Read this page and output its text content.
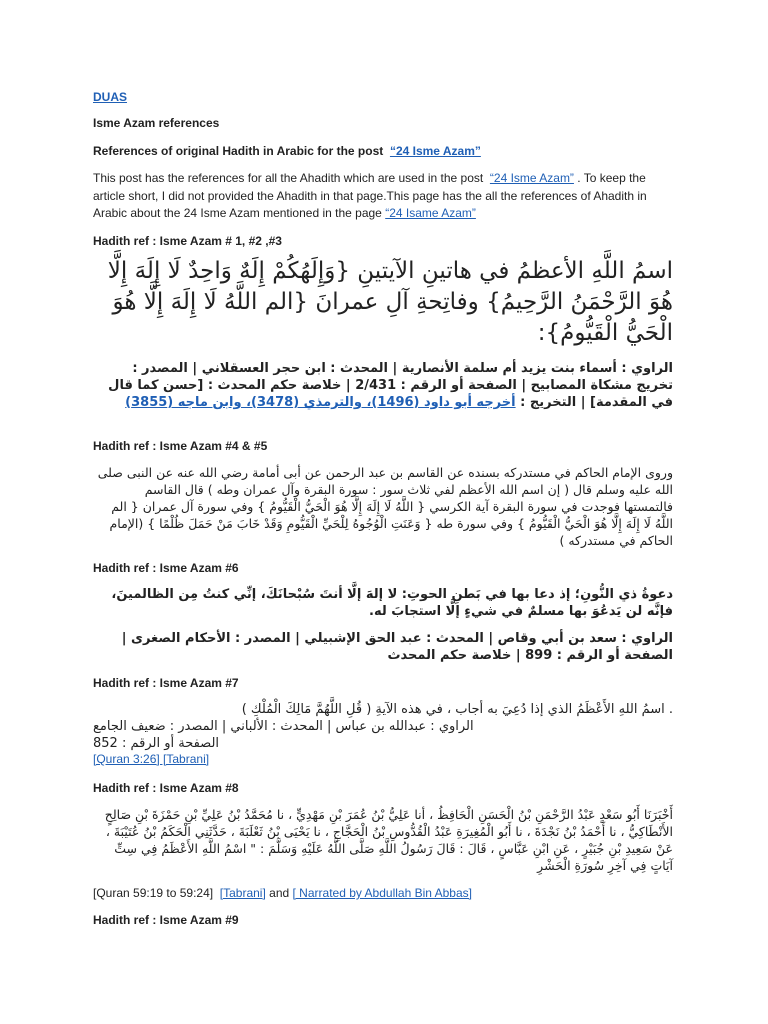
DUAS
Isme Azam references
References of original Hadith in Arabic for the post “24 Isme Azam”
This post has the references for all the Ahadith which are used in the post “24 Isme Azam” . To keep the article short, I did not provided the Ahadith in that page.This page has the all the references of Ahadith in Arabic about the 24 Isme Azam mentioned in the page “24 Isame Azam”
Hadith ref : Isme Azam # 1, #2 ,#3
اسمُ اللَّهِ الأعظمُ في هاتينِ الآيتينِ {وَإِلَهُكُمْ إِلَهٌ وَاحِدٌ لَا إِلَهَ إِلَّا هُوَ الرَّحْمَنُ الرَّحِيمُ} وفاتِحةِ آلِ عمرانَ {الم اللَّهُ لَا إِلَهَ إِلَّا هُوَ الْحَيُّ الْقَيُّومُ}:
الراوي : أسماء بنت يزيد أم سلمة الأنصارية | المحدث : ابن حجر العسقلاني | المصدر : تخريج مشكاة المصابيح | الصفحة أو الرقم : 2/431 | خلاصة حكم المحدث : [حسن كما قال في المقدمة] | التخريج : أخرجه أبو داود (1496)، والترمذي (3478)، وابن ماجه (3855)
Hadith ref : Isme Azam #4 & #5
وروى الإمام الحاكم في مستدركه بسنده عن القاسم بن عبد الرحمن عن أبى أمامة رضي الله عنه عن النبى صلى الله عليه وسلم قال ( إن اسم الله الأعظم لفي ثلاث سور : سورة البقرة وآل عمران وطه ) قال القاسم فالتمستها فوجدت في سورة البقرة آية الكرسي { اللَّهُ لَا إِلَهَ إِلَّا هُوَ الْحَيُّ الْقَيُّومُ } وفي سورة آل عمران { الم اللَّهُ لَا إِلَهَ إِلَّا هُوَ الْحَيُّ الْقَيُّومُ } وفي سورة طه { وَعَنَتِ الْوُجُوهُ لِلْحَيِّ الْقَيُّومِ وَقَدْ خَابَ مَنْ حَمَلَ ظُلْمًا } (الإمام الحاكم في مستدركه )
Hadith ref : Isme Azam #6
دعوةُ ذي النُّونِ؛ إذ دعا بها في بَطنِ الحوتِ: لا إلهَ إلَّا أنتَ سُبْحانَكَ، إنِّي كنتُ مِن الظالمينَ، فإنَّه لن يَدعُوَ بها مسلمٌ في شيءٍ إلَّا استجابَ له.
الراوي : سعد بن أبي وقاص | المحدث : عبد الحق الإشبيلي | المصدر : الأحكام الصغرى | الصفحة أو الرقم : 899 | خلاصة حكم المحدث
Hadith ref : Isme Azam #7
. اسمُ اللهِ الأَعْظَمُ الذي إذا دُعِيَ به أجاب ، في هذه الآيةِ ( قُلِ اللَّهُمَّ مَالِكَ الْمُلْكِ )
الراوي : عبدالله بن عباس | المحدث : الألباني | المصدر : ضعيف الجامع
الصفحة أو الرقم : 852
[Quran 3:26] [Tabrani]
Hadith ref : Isme Azam #8
أَخْبَرَنَا أَبُو سَعْدٍ عَبْدُ الرَّحْمَنِ بْنُ الْحَسَنِ الْحَافِظُ ، أنا عَلِيُّ بْنُ عُمَرَ بْنِ مَهْدِيٍّ ، نا مُحَمَّدُ بْنُ عَلِيِّ بْنِ حَمْزَةَ بْنِ صَالِحٍ الأَنْطَاكِيُّ ، نا أَحْمَدُ بْنُ نَجْدَةَ ، نا أَبُو الْمُغِيرَةِ عَبْدُ الْقُدُّوسِ بْنُ الْحَجَّاجِ ، نا يَحْيَى بْنُ ثَعْلَبَةَ ، حَدَّثَنِي الْحَكَمُ بْنُ عُتَيْبَةَ ، عَنْ سَعِيدِ بْنِ جُبَيْرٍ ، عَنِ ابْنِ عَبَّاسٍ ، قَالَ : قَالَ رَسُولُ اللَّهِ صَلَّى اللَّهُ عَلَيْهِ وَسَلَّمَ : " اسْمُ اللَّهِ الأَعْظَمُ فِي سِتِّ آيَاتٍ فِي آخِرِ سُورَةِ الْحَشْرِ
[Quran 59:19 to 59:24] [Tabrani] and [ Narrated by Abdullah Bin Abbas]
Hadith ref : Isme Azam #9
